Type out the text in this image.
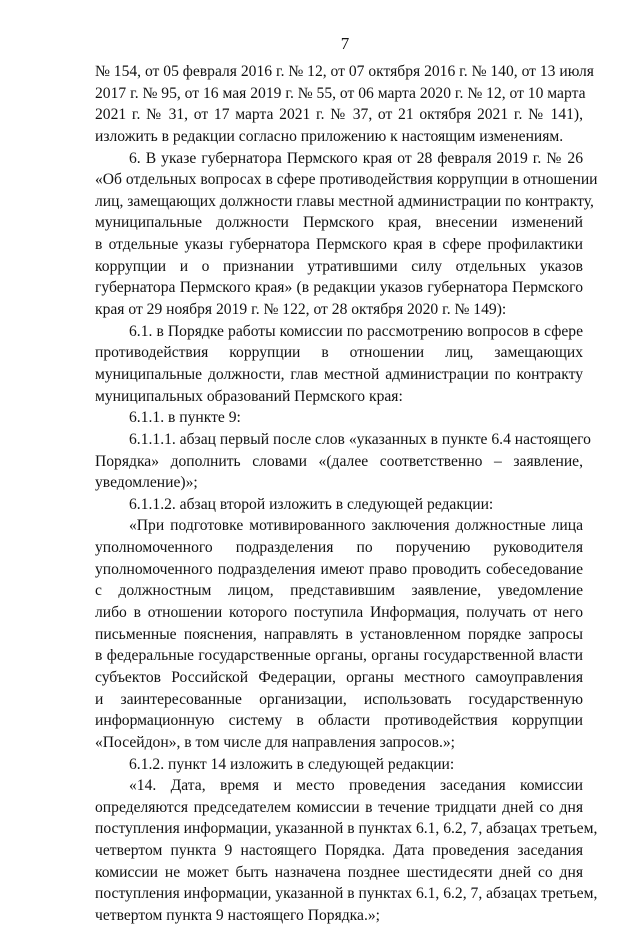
7
№ 154, от 05 февраля 2016 г. № 12, от 07 октября 2016 г. № 140, от 13 июля
2017 г. № 95, от 16 мая 2019 г. № 55, от 06 марта 2020 г. № 12, от 10 марта
2021 г. № 31, от 17 марта 2021 г. № 37, от 21 октября 2021 г. № 141),
изложить в редакции согласно приложению к настоящим изменениям.
6. В указе губернатора Пермского края от 28 февраля 2019 г. № 26
«Об отдельных вопросах в сфере противодействия коррупции в отношении
лиц, замещающих должности главы местной администрации по контракту,
муниципальные должности Пермского края, внесении изменений
в отдельные указы губернатора Пермского края в сфере профилактики
коррупции и о признании утратившими силу отдельных указов
губернатора Пермского края» (в редакции указов губернатора Пермского
края от 29 ноября 2019 г. № 122, от 28 октября 2020 г. № 149):
6.1. в Порядке работы комиссии по рассмотрению вопросов в сфере
противодействия коррупции в отношении лиц, замещающих
муниципальные должности, глав местной администрации по контракту
муниципальных образований Пермского края:
6.1.1. в пункте 9:
6.1.1.1. абзац первый после слов «указанных в пункте 6.4 настоящего
Порядка» дополнить словами «(далее соответственно – заявление,
уведомление)»;
6.1.1.2. абзац второй изложить в следующей редакции:
«При подготовке мотивированного заключения должностные лица
уполномоченного подразделения по поручению руководителя
уполномоченного подразделения имеют право проводить собеседование
с должностным лицом, представившим заявление, уведомление
либо в отношении которого поступила Информация, получать от него
письменные пояснения, направлять в установленном порядке запросы
в федеральные государственные органы, органы государственной власти
субъектов Российской Федерации, органы местного самоуправления
и заинтересованные организации, использовать государственную
информационную систему в области противодействия коррупции
«Посейдон», в том числе для направления запросов.»;
6.1.2. пункт 14 изложить в следующей редакции:
«14. Дата, время и место проведения заседания комиссии
определяются председателем комиссии в течение тридцати дней со дня
поступления информации, указанной в пунктах 6.1, 6.2, 7, абзацах третьем,
четвертом пункта 9 настоящего Порядка. Дата проведения заседания
комиссии не может быть назначена позднее шестидесяти дней со дня
поступления информации, указанной в пунктах 6.1, 6.2, 7, абзацах третьем,
четвертом пункта 9 настоящего Порядка.»;
